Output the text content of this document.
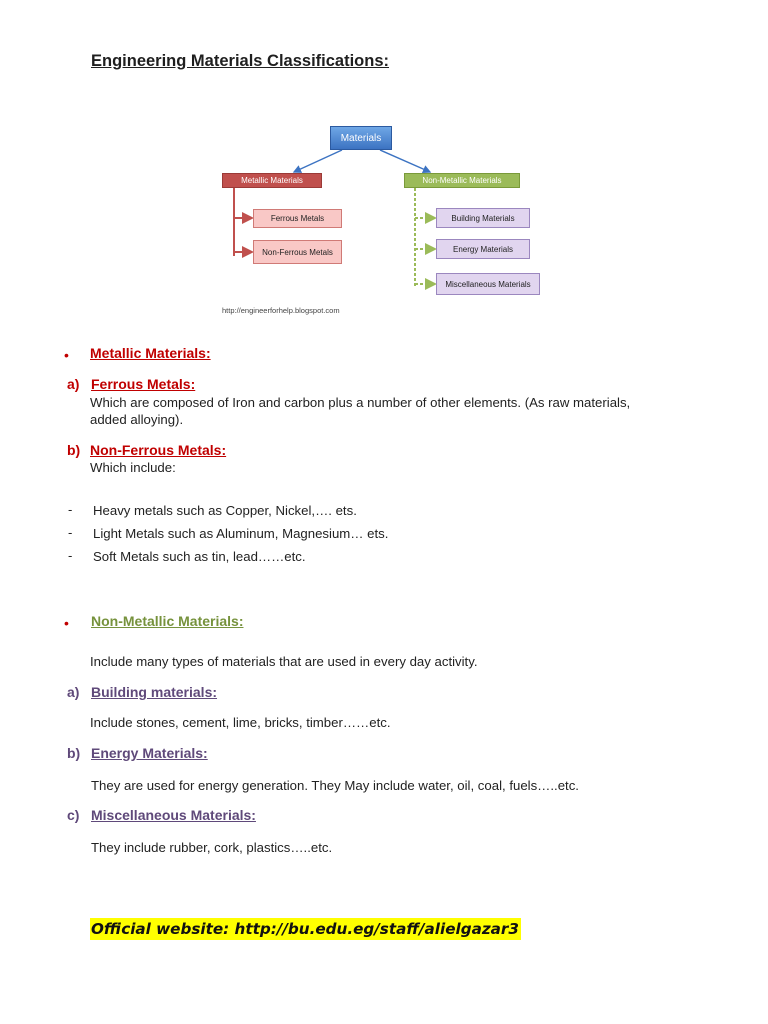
Engineering Materials Classifications:
Materials
Metallic Materials	Non-Metallic Materials
Ferrous Metals
Non-Ferrous Metals
Building Materials
Energy Materials
Miscellaneous Materials
http://engineerforhelp.blogspot.com
• Metallic Materials:
a) Ferrous Metals:
Which are composed of Iron and carbon plus a number of other elements. (As raw materials,
added alloying).
b) Non-Ferrous Metals:
Which include:
- Heavy metals such as Copper, Nickel,…. ets.
- Light Metals such as Aluminum, Magnesium… ets.
- Soft Metals such as tin, lead……etc.
• Non-Metallic Materials:
Include many types of materials that are used in every day activity.
a) Building materials:
Include stones, cement, lime, bricks, timber……etc.
b) Energy Materials:
They are used for energy generation. They May include water, oil, coal, fuels…..etc.
c) Miscellaneous Materials:
They include rubber, cork, plastics…..etc.
Official website: http://bu.edu.eg/staff/alielgazar3
